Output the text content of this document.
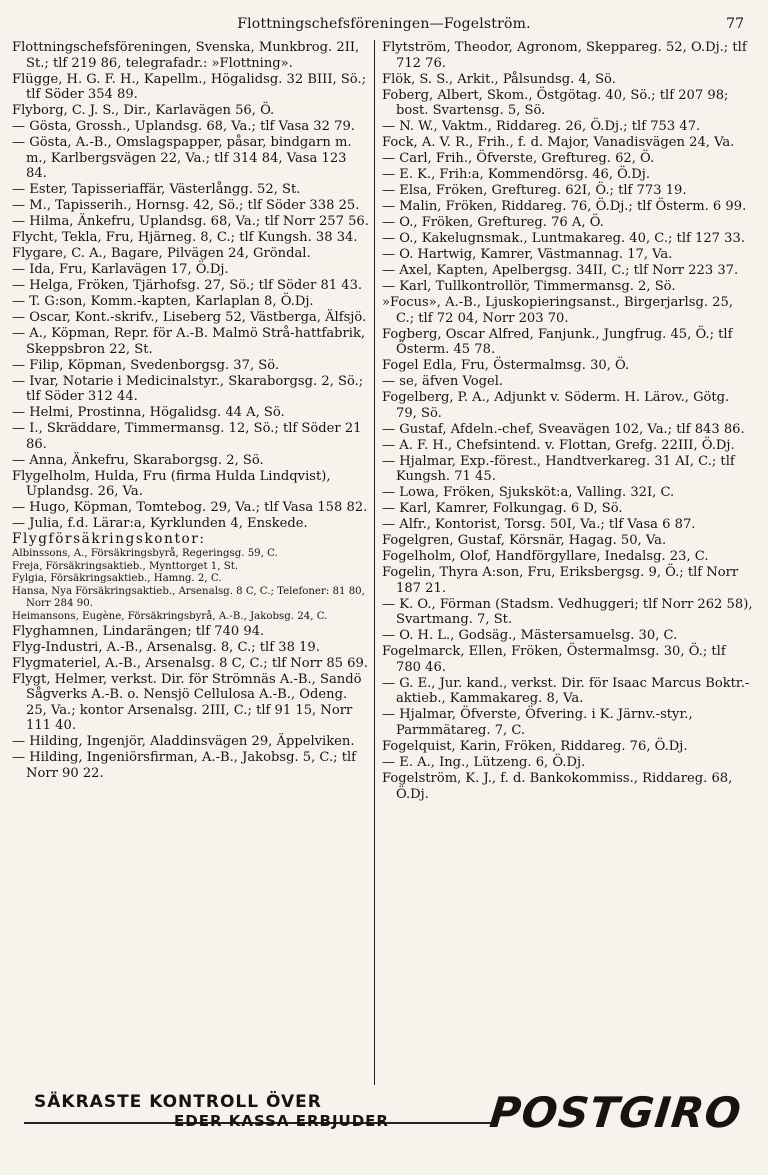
Flottningschefsföreningen—Fogelström.	77
Flottningschefsföreningen, Svenska, Munkbrog. 2II, St.; tlf 219 86, telegrafadr.: »Flottning».
Flügge, H. G. F. H., Kapellm., Högalidsg. 32 BIII, Sö.; tlf Söder 354 89.
Flyborg, C. J. S., Dir., Karlavägen 56, Ö.
— Gösta, Grossh., Uplandsg. 68, Va.; tlf Vasa 32 79.
— Gösta, A.-B., Omslagspapper, påsar, bindgarn m. m., Karlbergsvägen 22, Va.; tlf 314 84, Vasa 123 84.
— Ester, Tapisseriaffär, Västerlångg. 52, St.
— M., Tapisserih., Hornsg. 42, Sö.; tlf Söder 338 25.
— Hilma, Änkefru, Uplandsg. 68, Va.; tlf Norr 257 56.
Flycht, Tekla, Fru, Hjärneg. 8, C.; tlf Kungsh. 38 34.
Flygare, C. A., Bagare, Pilvägen 24, Gröndal.
— Ida, Fru, Karlavägen 17, Ö.Dj.
— Helga, Fröken, Tjärhofsg. 27, Sö.; tlf Söder 81 43.
— T. G:son, Komm.-kapten, Karlaplan 8, Ö.Dj.
— Oscar, Kont.-skrifv., Liseberg 52, Västberga, Älfsjö.
— A., Köpman, Repr. för A.-B. Malmö Strå-hattfabrik, Skeppsbron 22, St.
— Filip, Köpman, Svedenborgsg. 37, Sö.
— Ivar, Notarie i Medicinalstyr., Skaraborgsg. 2, Sö.; tlf Söder 312 44.
— Helmi, Prostinna, Högalidsg. 44 A, Sö.
— I., Skräddare, Timmermansg. 12, Sö.; tlf Söder 21 86.
— Anna, Änkefru, Skaraborgsg. 2, Sö.
Flygelholm, Hulda, Fru (firma Hulda Lindqvist), Uplandsg. 26, Va.
— Hugo, Köpman, Tomtebog. 29, Va.; tlf Vasa 158 82.
— Julia, f.d. Lärar:a, Kyrklunden 4, Enskede.
Flygförsäkringskontor:
Albinssons, A., Försäkringsbyrå, Regeringsg. 59, C.
Freja, Försäkringsaktieb., Mynttorget 1, St.
Fylgia, Försäkringsaktieb., Hamng. 2, C.
Hansa, Nya Försäkringsaktieb., Arsenalsg. 8 C, C.; Telefoner: 81 80, Norr 284 90.
Heimansons, Eugène, Försäkringsbyrå, A.-B., Jakobsg. 24, C.
Flyghamnen, Lindarängen; tlf 740 94.
Flyg-Industri, A.-B., Arsenalsg. 8, C.; tlf 38 19.
Flygmateriel, A.-B., Arsenalsg. 8 C, C.; tlf Norr 85 69.
Flygt, Helmer, verkst. Dir. för Strömnäs A.-B., Sandö Sågverks A.-B. o. Nensjö Cellulosa A.-B., Odeng. 25, Va.; kontor Arsenalsg. 2III, C.; tlf 91 15, Norr 111 40.
— Hilding, Ingenjör, Aladdinsvägen 29, Äppelviken.
— Hilding, Ingeniörsfirman, A.-B., Jakobsg. 5, C.; tlf Norr 90 22.
Flytström, Theodor, Agronom, Skeppareg. 52, Ö.Dj.; tlf 712 76.
Flök, S. S., Arkit., Pålsundsg. 4, Sö.
Foberg, Albert, Skom., Östgötag. 40, Sö.; tlf 207 98; bost. Svartensg. 5, Sö.
— N. W., Vaktm., Riddareg. 26, Ö.Dj.; tlf 753 47.
Fock, A. V. R., Frih., f. d. Major, Vanadisvägen 24, Va.
— Carl, Frih., Öfverste, Greftureg. 62, Ö.
— E. K., Frih:a, Kommendörsg. 46, Ö.Dj.
— Elsa, Fröken, Greftureg. 62I, Ö.; tlf 773 19.
— Malin, Fröken, Riddareg. 76, Ö.Dj.; tlf Österm. 6 99.
— O., Fröken, Greftureg. 76 A, Ö.
— O., Kakelugnsmak., Luntmakareg. 40, C.; tlf 127 33.
— O. Hartwig, Kamrer, Västmannag. 17, Va.
— Axel, Kapten, Apelbergsg. 34II, C.; tlf Norr 223 37.
— Karl, Tullkontrollör, Timmermansg. 2, Sö.
»Focus», A.-B., Ljuskopieringsanst., Birgerjarlsg. 25, C.; tlf 72 04, Norr 203 70.
Fogberg, Oscar Alfred, Fanjunk., Jungfrug. 45, Ö.; tlf Österm. 45 78.
Fogel Edla, Fru, Östermalmsg. 30, Ö.
— se, äfven Vogel.
Fogelberg, P. A., Adjunkt v. Söderm. H. Lärov., Götg. 79, Sö.
— Gustaf, Afdeln.-chef, Sveavägen 102, Va.; tlf 843 86.
— A. F. H., Chefsintend. v. Flottan, Grefg. 22III, Ö.Dj.
— Hjalmar, Exp.-förest., Handtverkareg. 31 AI, C.; tlf Kungsh. 71 45.
— Lowa, Fröken, Sjuksköt:a, Valling. 32I, C.
— Karl, Kamrer, Folkungag. 6 D, Sö.
— Alfr., Kontorist, Torsg. 50I, Va.; tlf Vasa 6 87.
Fogelgren, Gustaf, Körsnär, Hagag. 50, Va.
Fogelholm, Olof, Handförgyllare, Inedalsg. 23, C.
Fogelin, Thyra A:son, Fru, Eriksbergsg. 9, Ö.; tlf Norr 187 21.
— K. O., Förman (Stadsm. Vedhuggeri; tlf Norr 262 58), Svartmang. 7, St.
— O. H. L., Godsäg., Mästersamuelsg. 30, C.
Fogelmarck, Ellen, Fröken, Östermalmsg. 30, Ö.; tlf 780 46.
— G. E., Jur. kand., verkst. Dir. för Isaac Marcus Boktr.-aktieb., Kammakareg. 8, Va.
— Hjalmar, Öfverste, Öfvering. i K. Järnv.-styr., Parmmätareg. 7, C.
Fogelquist, Karin, Fröken, Riddareg. 76, Ö.Dj.
— E. A., Ing., Lützeng. 6, Ö.Dj.
Fogelström, K. J., f. d. Bankokommiss., Riddareg. 68, Ö.Dj.
SÄKRASTE KONTROLL ÖVER
EDER KASSA ERBJUDER POSTGIRO
